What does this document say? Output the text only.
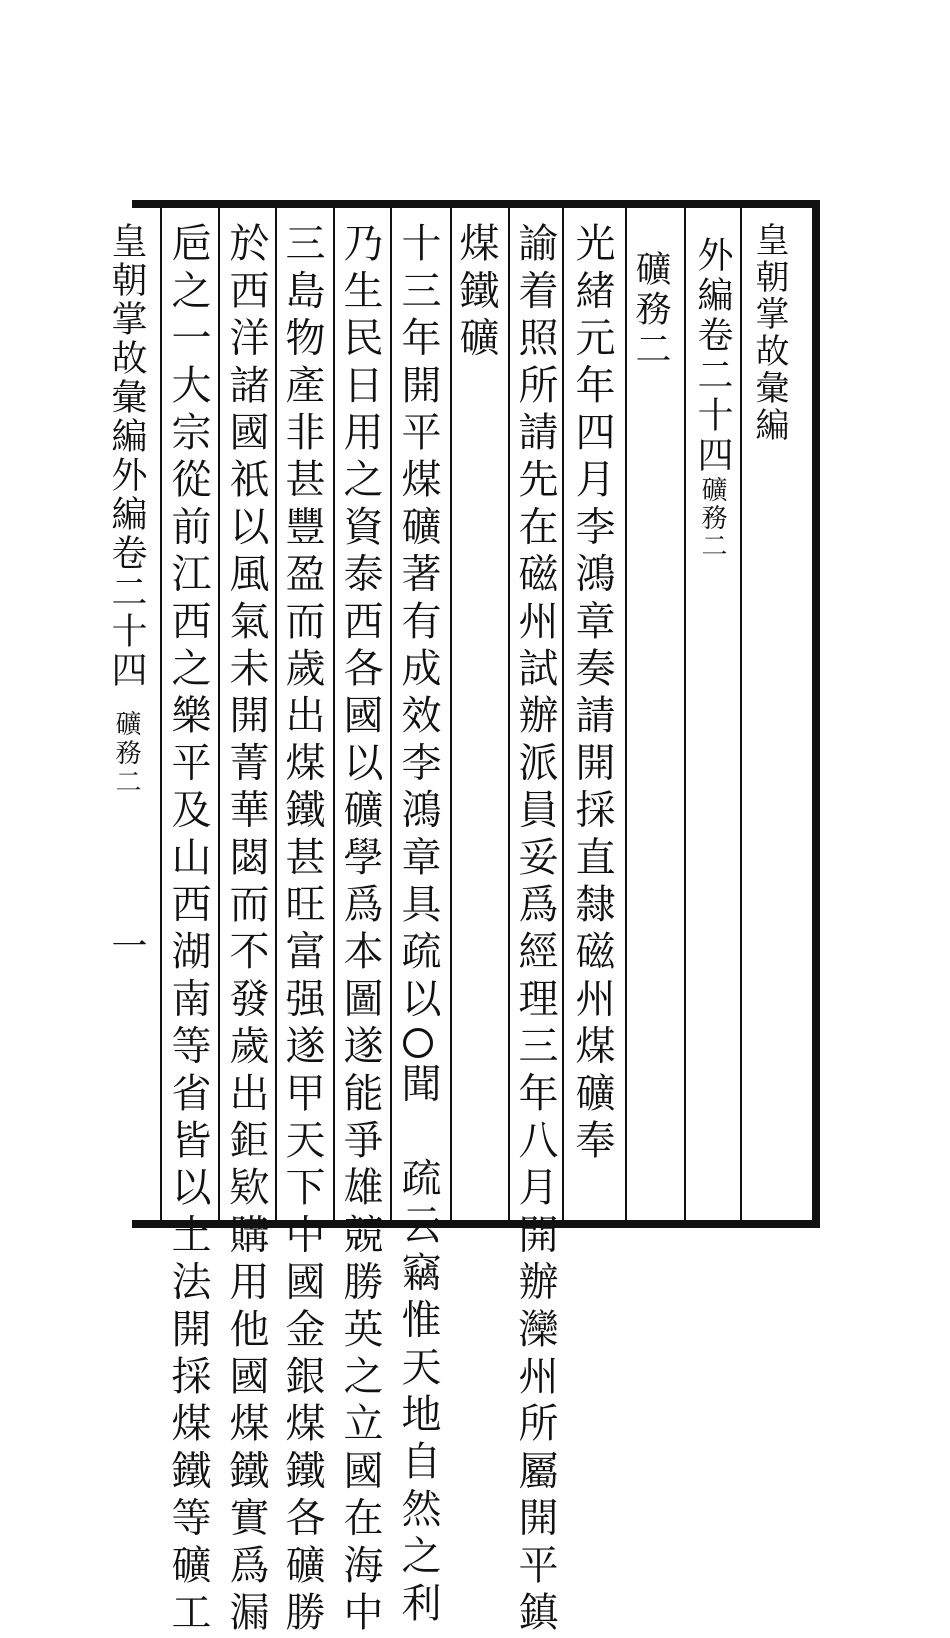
皇朝掌故彙編
外編卷二十四礦務二
礦務二
光緒元年四月李鴻章奏請開採直隸磁州煤礦奉
諭着照所請先在磁州試辦派員妥爲經理三年八月開辦灤州所屬開平鎮
煤鐵礦
十三年開平煤礦著有成效李鴻章具疏以聞　疏云竊惟天地自然之利
乃生民日用之資泰西各國以礦學爲本圖遂能爭雄競勝英之立國在海中
三島物產非甚豐盈而歲出煤鐵甚旺富强遂甲天下中國金銀煤鐵各礦勝
於西洋諸國祇以風氣未開菁華閟而不發歲出鉅欵購用他國煤鐵實爲漏
巵之一大宗從前江西之樂平及山西湖南等省皆以土法開採煤鐵等礦工
皇朝掌故彙編外編卷二十四礦務二一
